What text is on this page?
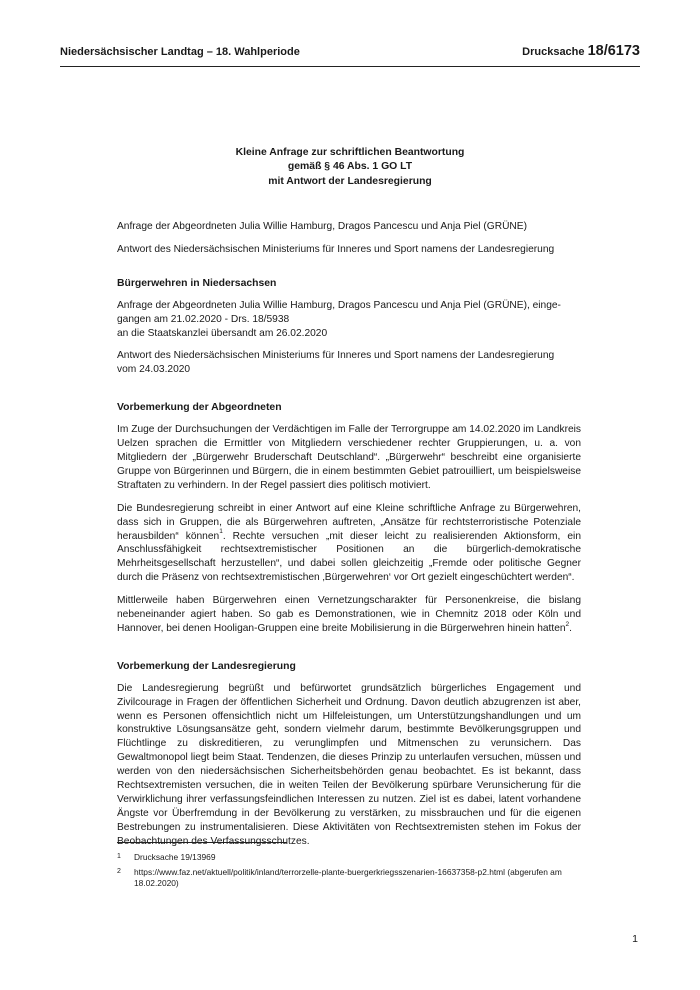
Niedersächsischer Landtag – 18. Wahlperiode	Drucksache 18/6173
Kleine Anfrage zur schriftlichen Beantwortung
gemäß § 46 Abs. 1 GO LT
mit Antwort der Landesregierung

Anfrage der Abgeordneten Julia Willie Hamburg, Dragos Pancescu und Anja Piel (GRÜNE)

Antwort des Niedersächsischen Ministeriums für Inneres und Sport namens der Landesregierung

Bürgerwehren in Niedersachsen

Anfrage der Abgeordneten Julia Willie Hamburg, Dragos Pancescu und Anja Piel (GRÜNE), einge-
gangen am 21.02.2020 - Drs. 18/5938
an die Staatskanzlei übersandt am 26.02.2020

Antwort des Niedersächsischen Ministeriums für Inneres und Sport namens der Landesregierung
vom 24.03.2020

Vorbemerkung der Abgeordneten

Im Zuge der Durchsuchungen der Verdächtigen im Falle der Terrorgruppe am 14.02.2020 im Landkreis Uelzen sprachen die Ermittler von Mitgliedern verschiedener rechter Gruppierungen, u. a. von Mitgliedern der „Bürgerwehr Bruderschaft Deutschland“. „Bürgerwehr“ beschreibt eine organisierte Gruppe von Bürgerinnen und Bürgern, die in einem bestimmten Gebiet patrouilliert, um beispielsweise Straftaten zu verhindern. In der Regel passiert dies politisch motiviert.

Die Bundesregierung schreibt in einer Antwort auf eine Kleine schriftliche Anfrage zu Bürgerwehren, dass sich in Gruppen, die als Bürgerwehren auftreten, „Ansätze für rechtsterroristische Potenziale herausbilden“ können$^1$. Rechte versuchen „mit dieser leicht zu realisierenden Aktionsform, ein Anschlussfähigkeit rechtsextremistischer Positionen an die bürgerlich-demokratische Mehrheitsgesellschaft herzustellen“, und dabei sollen gleichzeitig „Fremde oder politische Gegner durch die Präsenz von rechtsextremistischen ‚Bürgerwehren‘ vor Ort gezielt eingeschüchtert werden“.

Mittlerweile haben Bürgerwehren einen Vernetzungscharakter für Personenkreise, die bislang nebeneinander agiert haben. So gab es Demonstrationen, wie in Chemnitz 2018 oder Köln und Hannover, bei denen Hooligan-Gruppen eine breite Mobilisierung in die Bürgerwehren hinein hatten$^2$.

Vorbemerkung der Landesregierung

Die Landesregierung begrüßt und befürwortet grundsätzlich bürgerliches Engagement und Zivilcourage in Fragen der öffentlichen Sicherheit und Ordnung. Davon deutlich abzugrenzen ist aber, wenn es Personen offensichtlich nicht um Hilfeleistungen, um Unterstützungshandlungen und um konstruktive Lösungsansätze geht, sondern vielmehr darum, bestimmte Bevölkerungsgruppen und Flüchtlinge zu diskreditieren, zu verunglimpfen und Mitmenschen zu verunsichern. Das Gewaltmonopol liegt beim Staat. Tendenzen, die dieses Prinzip zu unterlaufen versuchen, müssen und werden von den niedersächsischen Sicherheitsbehörden genau beobachtet. Es ist bekannt, dass Rechtsextremisten versuchen, die in weiten Teilen der Bevölkerung spürbare Verunsicherung für die Verwirklichung ihrer verfassungsfeindlichen Interessen zu nutzen. Ziel ist es dabei, latent vorhandene Ängste vor Überfremdung in der Bevölkerung zu verstärken, zu missbrauchen und für die eigenen Bestrebungen zu instrumentalisieren. Diese Aktivitäten von Rechtsextremisten stehen im Fokus der Beobachtungen des Verfassungsschutzes.

1 Drucksache 19/13969
2 https://www.faz.net/aktuell/politik/inland/terrorzelle-plante-buergerkriegsszenarien-16637358-p2.html (abgerufen am 18.02.2020)
1
